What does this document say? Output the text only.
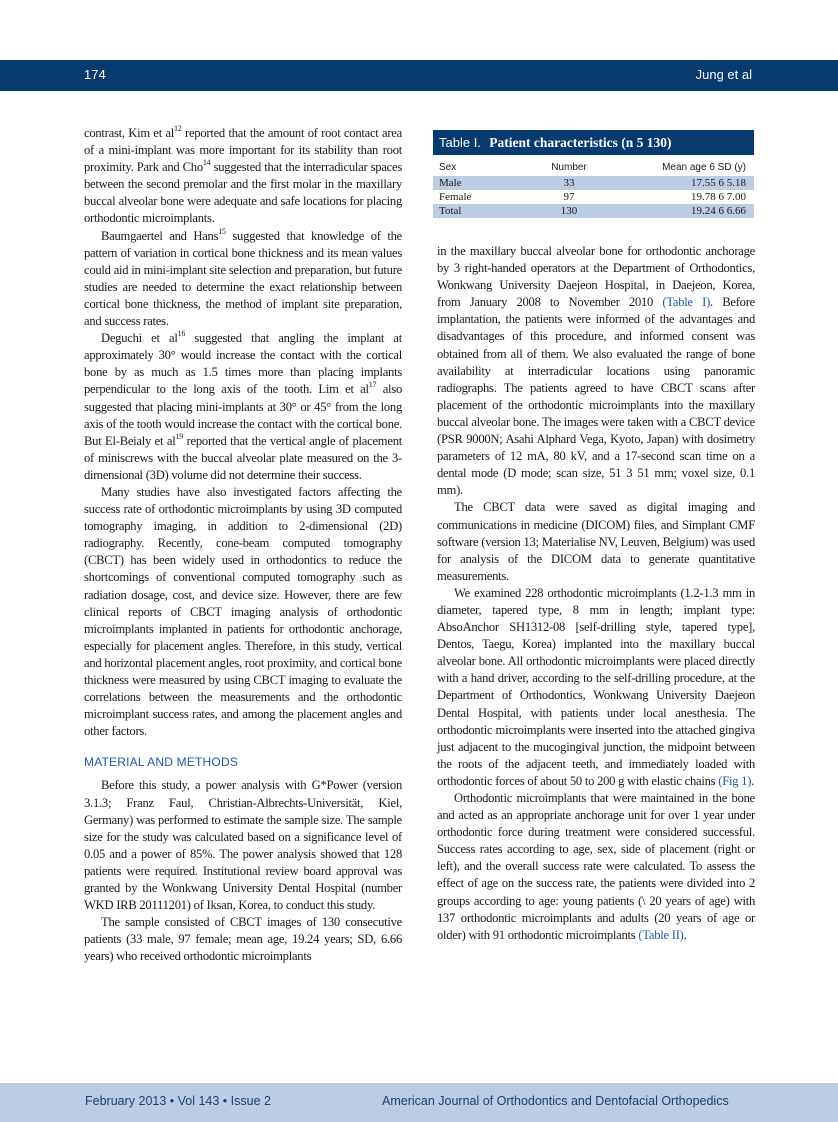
174	Jung et al

contrast, Kim et $al^{12}$ reported that the amount of root contact area of a mini-implant was more important for its stability than root proximity. Park and Cho$^{14}$ suggested that the interradicular spaces between the second premolar and the first molar in the maxillary buccal alveolar bone were adequate and safe locations for placing orthodontic microimplants.

Baumgaertel and Hans$^{15}$ suggested that knowledge of the pattern of variation in cortical bone thickness and its mean values could aid in mini-implant site selection and preparation, but future studies are needed to determine the exact relationship between cortical bone thickness, the method of implant site preparation, and success rates.

Deguchi et $al^{16}$ suggested that angling the implant at approximately 30° would increase the contact with the cortical bone by as much as 1.5 times more than placing implants perpendicular to the long axis of the tooth. Lim et $al^{17}$ also suggested that placing mini-implants at 30° or 45° from the long axis of the tooth would increase the contact with the cortical bone. But El-Beialy et $al^{19}$ reported that the vertical angle of placement of miniscrews with the buccal alveolar plate measured on the 3-dimensional (3D) volume did not determine their success.

Many studies have also investigated factors affecting the success rate of orthodontic microimplants by using 3D computed tomography imaging, in addition to 2-dimensional (2D) radiography. Recently, cone-beam computed tomography (CBCT) has been widely used in orthodontics to reduce the shortcomings of conventional computed tomography such as radiation dosage, cost, and device size. However, there are few clinical reports of CBCT imaging analysis of orthodontic microimplants implanted in patients for orthodontic anchorage, especially for placement angles. Therefore, in this study, vertical and horizontal placement angles, root proximity, and cortical bone thickness were measured by using CBCT imaging to evaluate the correlations between the measurements and the orthodontic microimplant success rates, and among the placement angles and other factors.

MATERIAL AND METHODS

Before this study, a power analysis with G*Power (version 3.1.3; Franz Faul, Christian-Albrechts-Universität, Kiel, Germany) was performed to estimate the sample size. The sample size for the study was calculated based on a significance level of 0.05 and a power of 85%. The power analysis showed that 128 patients were required. Institutional review board approval was granted by the Wonkwang University Dental Hospital (number WKD IRB 20111201) of Iksan, Korea, to conduct this study.

The sample consisted of CBCT images of 130 consecutive patients (33 male, 97 female; mean age, 19.24 years; SD, 6.66 years) who received orthodontic microimplants

Table I. Patient characteristics (n 5 130)
Sex	Number	Mean age 6 SD (y)
Male	33	17.55 6 5.18
Female	97	19.78 6 7.00
Total	130	19.24 6 6.66

in the maxillary buccal alveolar bone for orthodontic anchorage by 3 right-handed operators at the Department of Orthodontics, Wonkwang University Daejeon Hospital, in Daejeon, Korea, from January 2008 to November 2010 (Table I). Before implantation, the patients were informed of the advantages and disadvantages of this procedure, and informed consent was obtained from all of them. We also evaluated the range of bone availability at interradicular locations using panoramic radiographs. The patients agreed to have CBCT scans after placement of the orthodontic microimplants into the maxillary buccal alveolar bone. The images were taken with a CBCT device (PSR 9000N; Asahi Alphard Vega, Kyoto, Japan) with dosimetry parameters of 12 mA, 80 kV, and a 17-second scan time on a dental mode (D mode; scan size, 51 3 51 mm; voxel size, 0.1 mm).

The CBCT data were saved as digital imaging and communications in medicine (DICOM) files, and Simplant CMF software (version 13; Materialise NV, Leuven, Belgium) was used for analysis of the DICOM data to generate quantitative measurements.

We examined 228 orthodontic microimplants (1.2-1.3 mm in diameter, tapered type, 8 mm in length; implant type: AbsoAnchor SH1312-08 [self-drilling style, tapered type], Dentos, Taegu, Korea) implanted into the maxillary buccal alveolar bone. All orthodontic microimplants were placed directly with a hand driver, according to the self-drilling procedure, at the Department of Orthodontics, Wonkwang University Daejeon Dental Hospital, with patients under local anesthesia. The orthodontic microimplants were inserted into the attached gingiva just adjacent to the mucogingival junction, the midpoint between the roots of the adjacent teeth, and immediately loaded with orthodontic forces of about 50 to 200 g with elastic chains (Fig 1).

Orthodontic microimplants that were maintained in the bone and acted as an appropriate anchorage unit for over 1 year under orthodontic force during treatment were considered successful. Success rates according to age, sex, side of placement (right or left), and the overall success rate were calculated. To assess the effect of age on the success rate, the patients were divided into 2 groups according to age: young patients (\ 20 years of age) with 137 orthodontic microimplants and adults (20 years of age or older) with 91 orthodontic microimplants (Table II).

February 2013 • Vol 143 • Issue 2	American Journal of Orthodontics and Dentofacial Orthopedics
